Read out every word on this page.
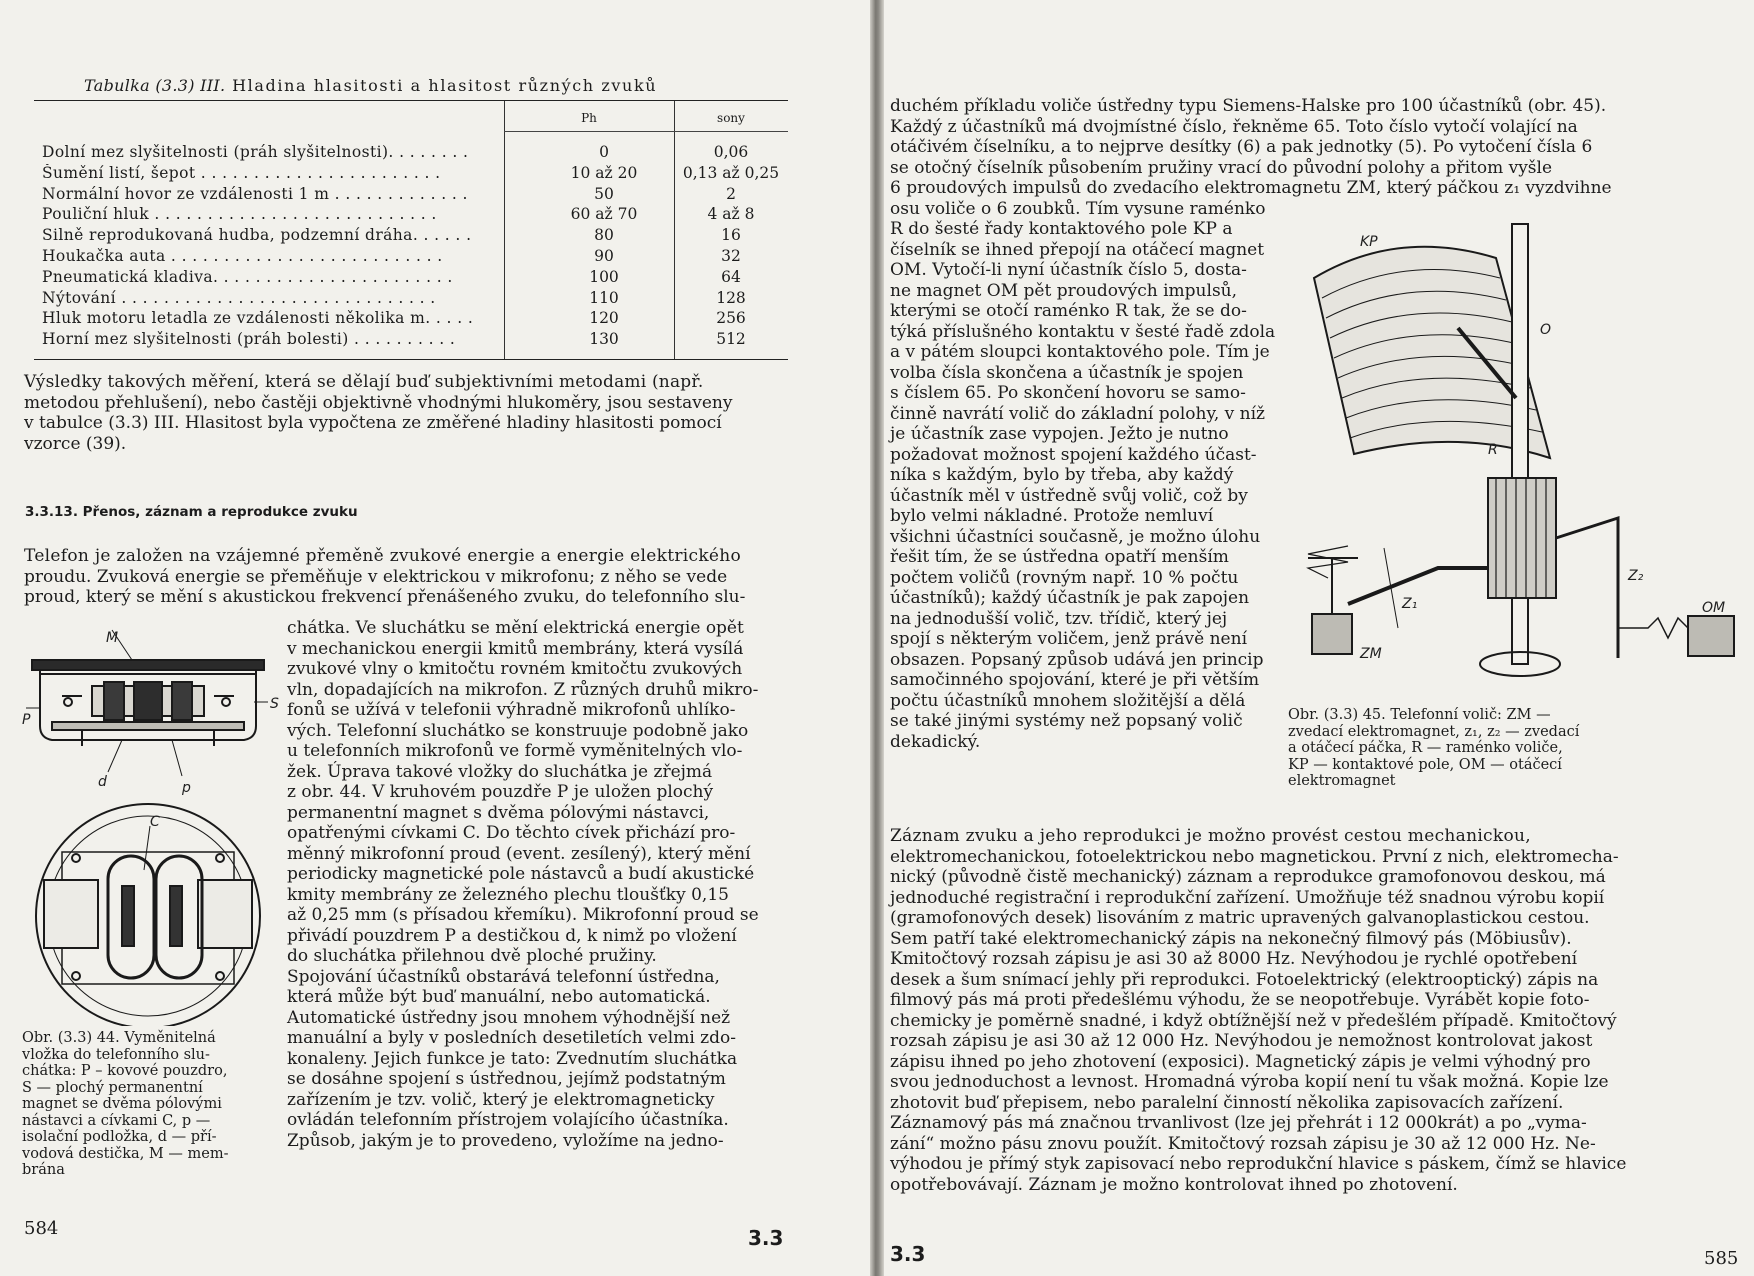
Tabulka (3.3) III. Hladina hlasitosti a hlasitost různých zvuků
Ph	sony
Dolní mez slyšitelnosti (práh slyšitelnosti). . . . . . . .	0	0,06
Šumění listí, šepot . . . . . . . . . . . . . . . . . . . . . . .	10 až 20	0,13 až 0,25
Normální hovor ze vzdálenosti 1 m . . . . . . . . . . . . .	50	2
Pouliční hluk . . . . . . . . . . . . . . . . . . . . . . . . . . .	60 až 70	4 až 8
Silně reprodukovaná hudba, podzemní dráha. . . . . .	80	16
Houkačka auta . . . . . . . . . . . . . . . . . . . . . . . . . .	90	32
Pneumatická kladiva. . . . . . . . . . . . . . . . . . . . . . .	100	64
Nýtování . . . . . . . . . . . . . . . . . . . . . . . . . . . . . .	110	128
Hluk motoru letadla ze vzdálenosti několika m. . . . .	120	256
Horní mez slyšitelnosti (práh bolesti) . . . . . . . . . .	130	512
Výsledky takových měření, která se dělají buď subjektivními metodami (např.
metodou přehlušení), nebo častěji objektivně vhodnými hlukoměry, jsou sestaveny
v tabulce (3.3) III. Hlasitost byla vypočtena ze změřené hladiny hlasitosti pomocí
vzorce (39).
3.3.13. Přenos, záznam a reprodukce zvuku
Telefon je založen na vzájemné přeměně zvukové energie a energie elektrického
proudu. Zvuková energie se přeměňuje v elektrickou v mikrofonu; z něho se vede
proud, který se mění s akustickou frekvencí přenášeného zvuku, do telefonního slu-
chátka. Ve sluchátku se mění elektrická energie opět
v mechanickou energii kmitů membrány, která vysílá
zvukové vlny o kmitočtu rovném kmitočtu zvukových
vln, dopadajících na mikrofon. Z různých druhů mikro-
fonů se užívá v telefonii výhradně mikrofonů uhlíko-
vých. Telefonní sluchátko se konstruuje podobně jako
u telefonních mikrofonů ve formě vyměnitelných vlo-
žek. Úprava takové vložky do sluchátka je zřejmá
z obr. 44. V kruhovém pouzdře P je uložen plochý
permanentní magnet s dvěma pólovými nástavci,
opatřenými cívkami C. Do těchto cívek přichází pro-
měnný mikrofonní proud (event. zesílený), který mění
periodicky magnetické pole nástavců a budí akustické
kmity membrány ze železného plechu tloušťky 0,15
až 0,25 mm (s přísadou křemíku). Mikrofonní proud se
přivádí pouzdrem P a destičkou d, k nimž po vložení
do sluchátka přilehnou dvě ploché pružiny.
Spojování účastníků obstarává telefonní ústředna,
která může být buď manuální, nebo automatická.
Automatické ústředny jsou mnohem výhodnější než
manuální a byly v posledních desetiletích velmi zdo-
konaleny. Jejich funkce je tato: Zvednutím sluchátka
se dosáhne spojení s ústřednou, jejímž podstatným
zařízením je tzv. volič, který je elektromagneticky
ovládán telefonním přístrojem volajícího účastníka.
Způsob, jakým je to provedeno, vyložíme na jedno-
M
P
S
d	p
C
Obr. (3.3) 44. Vyměnitelná
vložka do telefonního slu-
chátka: P – kovové pouzdro,
S — plochý permanentní
magnet se dvěma pólovými
nástavci a cívkami C, p —
isolační podložka, d — pří-
vodová destička, M — mem-
brána
584	3.3
duchém příkladu voliče ústředny typu Siemens-Halske pro 100 účastníků (obr. 45).
Každý z účastníků má dvojmístné číslo, řekněme 65. Toto číslo vytočí volající na
otáčivém číselníku, a to nejprve desítky (6) a pak jednotky (5). Po vytočení čísla 6
se otočný číselník působením pružiny vrací do původní polohy a přitom vyšle
6 proudových impulsů do zvedacího elektromagnetu ZM, který páčkou z₁ vyzdvihne
osu voliče o 6 zoubků. Tím vysune raménko
R do šesté řady kontaktového pole KP a
číselník se ihned přepojí na otáčecí magnet
OM. Vytočí-li nyní účastník číslo 5, dosta-
ne magnet OM pět proudových impulsů,
kterými se otočí raménko R tak, že se do-
týká příslušného kontaktu v šesté řadě zdola
a v pátém sloupci kontaktového pole. Tím je
volba čísla skončena a účastník je spojen
s číslem 65. Po skončení hovoru se samo-
činně navrátí volič do základní polohy, v níž
je účastník zase vypojen. Ježto je nutno
požadovat možnost spojení každého účast-
níka s každým, bylo by třeba, aby každý
účastník měl v ústředně svůj volič, což by
bylo velmi nákladné. Protože nemluví
všichni účastníci současně, je možno úlohu
řešit tím, že se ústředna opatří menším
počtem voličů (rovným např. 10 % počtu
účastníků); každý účastník je pak zapojen
na jednodušší volič, tzv. třídič, který jej
spojí s některým voličem, jenž právě není
obsazen. Popsaný způsob udává jen princip
samočinného spojování, které je při větším
počtu účastníků mnohem složitější a dělá
se také jinými systémy než popsaný volič
dekadický.
KP
O
R
Z₁
Z₂
OM
ZM
Obr. (3.3) 45. Telefonní volič: ZM —
zvedací elektromagnet, z₁, z₂ — zvedací
a otáčecí páčka, R — raménko voliče,
KP — kontaktové pole, OM — otáčecí
elektromagnet
Záznam zvuku a jeho reprodukci je možno provést cestou mechanickou,
elektromechanickou, fotoelektrickou nebo magnetickou. První z nich, elektromecha-
nický (původně čistě mechanický) záznam a reprodukce gramofonovou deskou, má
jednoduché registrační i reprodukční zařízení. Umožňuje též snadnou výrobu kopií
(gramofonových desek) lisováním z matric upravených galvanoplastickou cestou.
Sem patří také elektromechanický zápis na nekonečný filmový pás (Möbiusův).
Kmitočtový rozsah zápisu je asi 30 až 8000 Hz. Nevýhodou je rychlé opotřebení
desek a šum snímací jehly při reprodukci. Fotoelektrický (elektrooptický) zápis na
filmový pás má proti předešlému výhodu, že se neopotřebuje. Vyrábět kopie foto-
chemicky je poměrně snadné, i když obtížnější než v předešlém případě. Kmitočtový
rozsah zápisu je asi 30 až 12 000 Hz. Nevýhodou je nemožnost kontrolovat jakost
zápisu ihned po jeho zhotovení (exposici). Magnetický zápis je velmi výhodný pro
svou jednoduchost a levnost. Hromadná výroba kopií není tu však možná. Kopie lze
zhotovit buď přepisem, nebo paralelní činností několika zapisovacích zařízení.
Záznamový pás má značnou trvanlivost (lze jej přehrát i 12 000krát) a po „vyma-
zání“ možno pásu znovu použít. Kmitočtový rozsah zápisu je 30 až 12 000 Hz. Ne-
výhodou je přímý styk zapisovací nebo reprodukční hlavice s páskem, čímž se hlavice
opotřebovávají. Záznam je možno kontrolovat ihned po zhotovení.
3.3	585
